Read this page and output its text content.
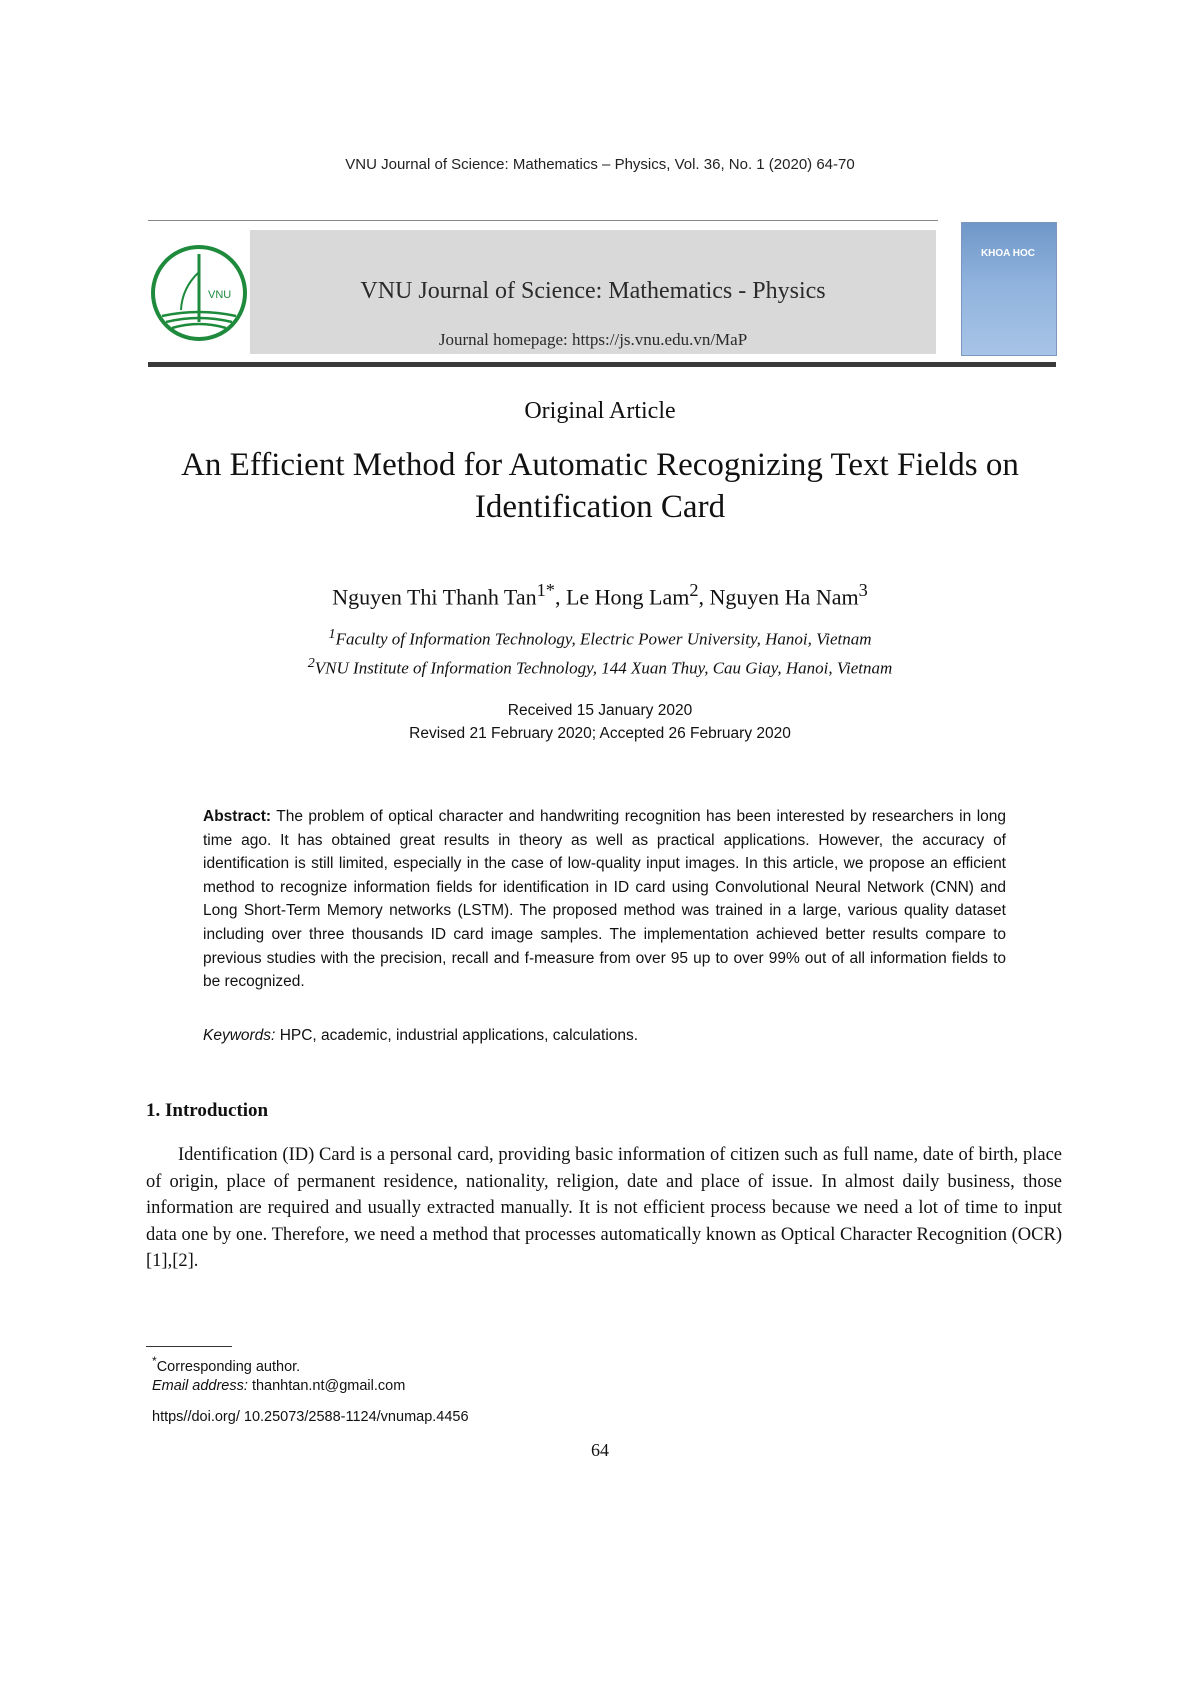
VNU Journal of Science: Mathematics – Physics, Vol. 36, No. 1 (2020) 64-70
VNU	VNU Journal of Science: Mathematics - Physics
Journal homepage: https://js.vnu.edu.vn/MaP
KHOA HOC
Original Article
An Efficient Method for Automatic Recognizing Text Fields on Identification Card
Nguyen Thi Thanh Tan$^{1*}$, Le Hong Lam$^2$, Nguyen Ha Nam$^3$
$^1$Faculty of Information Technology, Electric Power University, Hanoi, Vietnam
$^2$VNU Institute of Information Technology, 144 Xuan Thuy, Cau Giay, Hanoi, Vietnam
Received 15 January 2020
Revised 21 February 2020; Accepted 26 February 2020
Abstract: The problem of optical character and handwriting recognition has been interested by researchers in long time ago. It has obtained great results in theory as well as practical applications. However, the accuracy of identification is still limited, especially in the case of low-quality input images. In this article, we propose an efficient method to recognize information fields for identification in ID card using Convolutional Neural Network (CNN) and Long Short-Term Memory networks (LSTM). The proposed method was trained in a large, various quality dataset including over three thousands ID card image samples. The implementation achieved better results compare to previous studies with the precision, recall and f-measure from over 95 up to over 99% out of all information fields to be recognized.
Keywords: HPC, academic, industrial applications, calculations.
1. Introduction
Identification (ID) Card is a personal card, providing basic information of citizen such as full name, date of birth, place of origin, place of permanent residence, nationality, religion, date and place of issue. In almost daily business, those information are required and usually extracted manually. It is not efficient process because we need a lot of time to input data one by one. Therefore, we need a method that processes automatically known as Optical Character Recognition (OCR) [1],[2].
*Corresponding author.
Email address: thanhtan.nt@gmail.com
https//doi.org/ 10.25073/2588-1124/vnumap.4456
64
